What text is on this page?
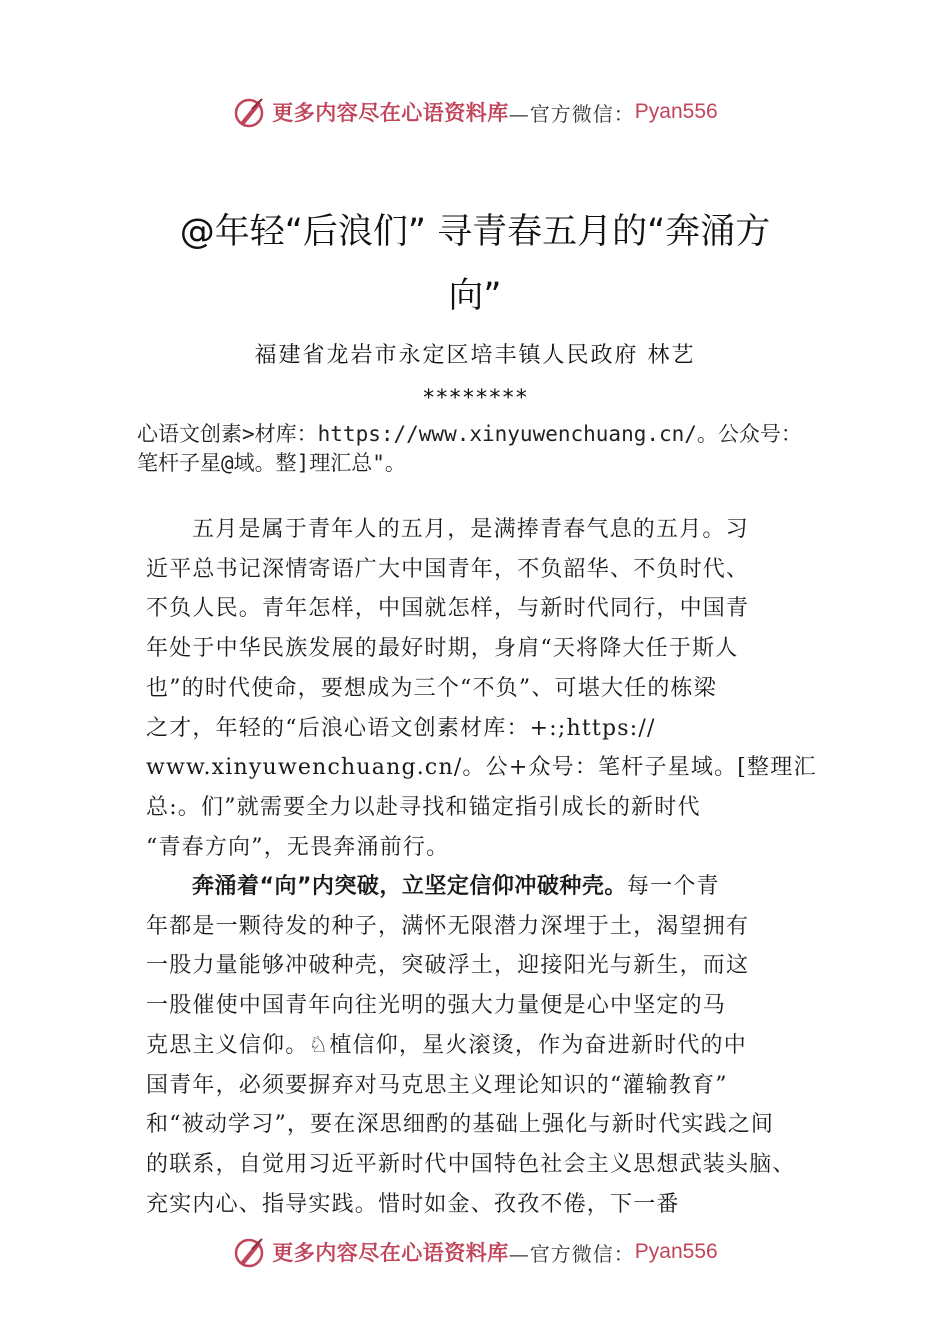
更多内容尽在心语资料库 —官方微信： Pyan556
@年轻“后浪们” 寻青春五月的“奔涌方
向”
福建省龙岩市永定区培丰镇人民政府 林艺
********
心语文创素>材库：https://www.xinyuwenchuang.cn/。公众号：
笔杆子星@域。整]理汇总"。
五月是属于青年人的五月，是满捧青春气息的五月。习
近平总书记深情寄语广大中国青年，不负韶华、不负时代、
不负人民。青年怎样，中国就怎样，与新时代同行，中国青
年处于中华民族发展的最好时期，身肩“天将降大任于斯人
也”的时代使命，要想成为三个“不负”、可堪大任的栋梁
之才，年轻的“后浪心语文创素材库：+:;https://
www.xinyuwenchuang.cn/。公+众号：笔杆子星域。[整理汇
总:。们”就需要全力以赴寻找和锚定指引成长的新时代
“青春方向”，无畏奔涌前行。
奔涌着“向”内突破，立坚定信仰冲破种壳。每一个青
年都是一颗待发的种子，满怀无限潜力深埋于土，渴望拥有
一股力量能够冲破种壳，突破浮土，迎接阳光与新生，而这
一股催使中国青年向往光明的强大力量便是心中坚定的马
克思主义信仰。♘植信仰，星火滚烫，作为奋进新时代的中
国青年，必须要摒弃对马克思主义理论知识的“灌输教育”
和“被动学习”，要在深思细酌的基础上强化与新时代实践之间
的联系，自觉用习近平新时代中国特色社会主义思想武装头脑、
充实内心、指导实践。惜时如金、孜孜不倦，下一番
更多内容尽在心语资料库 —官方微信： Pyan556
